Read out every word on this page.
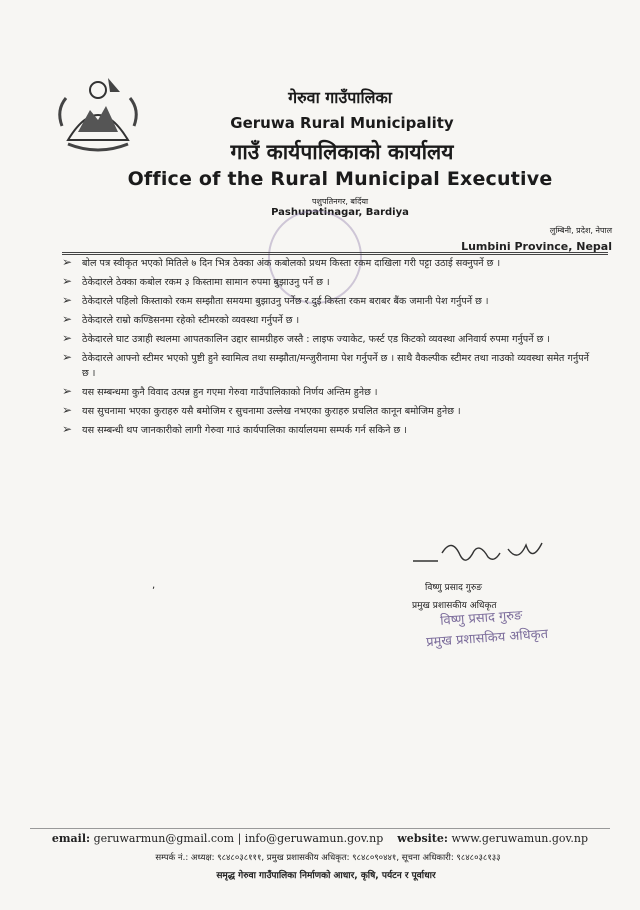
गेरुवा गाउँपालिका
Geruwa Rural Municipality
गाउँ कार्यपालिकाको कार्यालय
Office of the Rural Municipal Executive
पशुपतिनगर, बर्दिया
Pashupatinagar, Bardiya
लुम्बिनी, प्रदेश, नेपाल
Lumbini Province, Nepal
➢ बोल पत्र स्वीकृत भएको मितिले ७ दिन भित्र ठेक्का अंक कबोलको प्रथम किस्ता रकम दाखिला गरी पट्टा उठाई सक्नुपर्ने छ ।
➢ ठेकेदारले ठेक्का कबोल रकम ३ किस्तामा सामान रुपमा बुझाउनु पर्ने छ ।
➢ ठेकेदारले पहिलो किस्ताको रकम सम्झौता समयमा बुझाउनु पर्नेछ र दुई किस्ता रकम बराबर बैंक जमानी पेश गर्नुपर्ने छ ।
➢ ठेकेदारले राम्रो कण्डिसनमा रहेको स्टीमरको व्यवस्था गर्नुपर्ने छ ।
➢ ठेकेदारले घाट उत्राही स्थलमा आपतकालिन उद्दार सामग्रीहरु जस्तै : लाइफ ज्याकेट, फर्स्ट एड किटको व्यवस्था अनिवार्य रुपमा गर्नुपर्ने छ ।
➢ ठेकेदारले आफ्नो स्टीमर भएको पुष्टी हुने स्वामित्व तथा सम्झौता/मन्जुरीनामा पेश गर्नुपर्ने छ । साथै वैकल्पीक स्टीमर तथा नाउको व्यवस्था समेत गर्नुपर्ने छ ।
➢ यस सम्बन्धमा कुनै विवाद उत्पन्न हुन गएमा गेरुवा गाउँपालिकाको निर्णय अन्तिम हुनेछ ।
➢ यस सुचनामा भएका कुराहरु यसै बमोजिम र सुचनामा उल्लेख नभएका कुराहरु प्रचलित कानून बमोजिम हुनेछ ।
➢ यस सम्बन्धी थप जानकारीको लागी गेरुवा गाउं कार्यपालिका कार्यालयमा सम्पर्क गर्न सकिने छ ।
,	विष्णु प्रसाद गुरुङ
प्रमुख प्रशासकीय अधिकृत
विष्णु प्रसाद गुरुङ
प्रमुख प्रशासकिय अधिकृत
email: geruwarmun@gmail.com | info@geruwamun.gov.np website: www.geruwamun.gov.np
सम्पर्क नं.: अध्यक्ष: ९८४८०३८१११, प्रमुख प्रशासकीय अधिकृत: ९८४८०९०४४१, सूचना अधिकारी: ९८४८०३८१३३
समृद्ध गेरुवा गाउँपालिका निर्माणको आधार, कृषि, पर्यटन र पूर्वाधार
